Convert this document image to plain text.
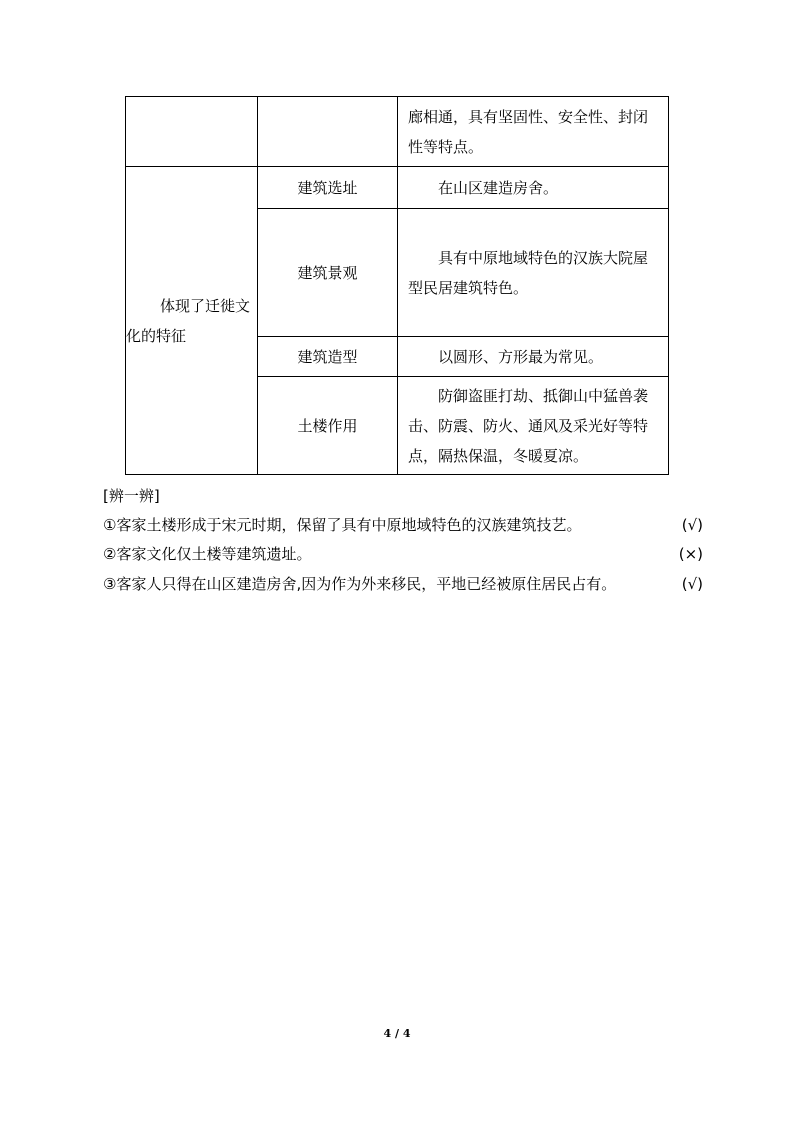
		廊相通，具有坚固性、安全性、封闭性等特点。

体现了迁徙文化的特征	建筑选址	在山区建造房舍。

	建筑景观	具有中原地域特色的汉族大院屋型民居建筑特色。

	建筑造型	以圆形、方形最为常见。

	土楼作用	防御盗匪打劫、抵御山中猛兽袭击、防震、防火、通风及采光好等特点，隔热保温，冬暖夏凉。
[辨一辨]
①客家土楼形成于宋元时期，保留了具有中原地域特色的汉族建筑技艺。	(√)
②客家文化仅土楼等建筑遗址。	(×)
③客家人只得在山区建造房舍,因为作为外来移民，平地已经被原住居民占有。	(√)
4 / 4
